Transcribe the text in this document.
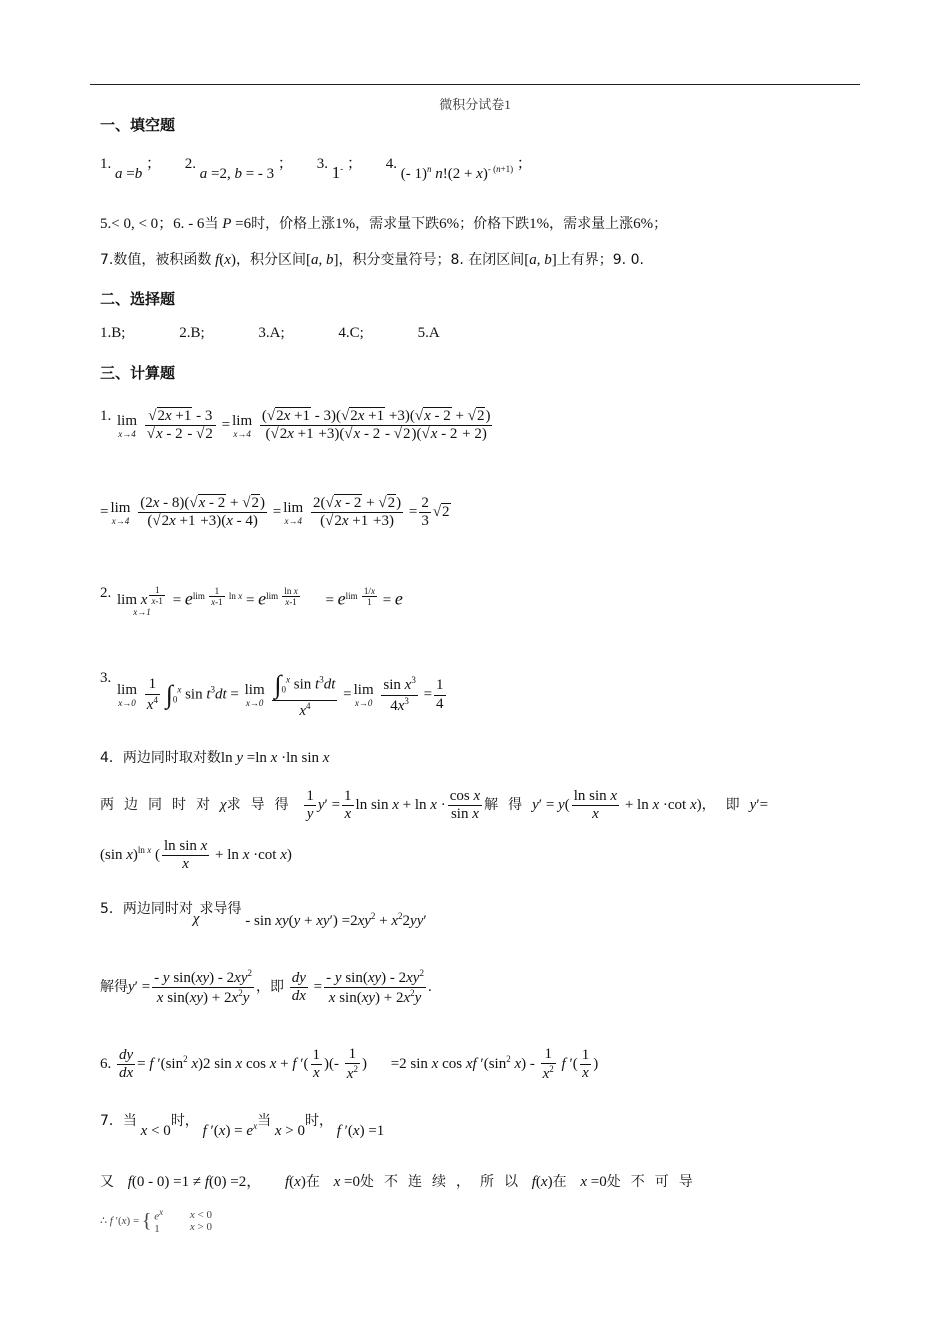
微积分试卷1
一、填空题
1. a =b ； 2. a =2, b = - 3 ； 3. 1- ； 4. (- 1)$^n$ $n!(2 + x)^{- (n+1)}$ ；
5.< 0, < 0；6. - 6当 P =6时，价格上涨1%，需求量下跌6%；价格下跌1%，需求量上涨6%；
7.数值，被积函数 f(x)，积分区间[a, b]，积分变量符号；8. 在闭区间[a, b]上有界；9. 0.
二、选择题
1.B;	2.B;	3.A;	4.C;	5.A
三、计算题
1. lim
x→4
$\frac{√2x +1 - 3}{√x - 2 - √2} = \lim$
x→4
$\frac{(√2x +1 - 3)(√2x +1 +3)(√x - 2 + √2)}{(√2x +1 +3)(√x - 2 - √2)(√x - 2 + 2)}$
= lim
x→4
$\frac{(2x - 8)(√x - 2 + √2)}{(√2x +1 +3)(x - 4)} = \lim$
x→4
$\frac{2(√x - 2 + √2)}{(√2x +1 +3)} = \frac{2}{3} √2$
2. lim x $^{\frac{1}{x-1}}$
x→1
= $e^{lim \frac{1}{x-1} ln x} = e^{lim \frac{\text{ln x}}{x-1}} = e^{lim \frac{1/x}{1}} = e$
3.
lim
x→0
$\frac{1}{x^4} \int_0^x$ $\sin t^3dt = \lim$
x→0
$\frac{\int_0^x \sin t^3dt}{x^4} = \lim$
x→0
$\frac{\sin x^3}{4x^3} = \frac{1}{4}$
4．两边同时取对数ln y =ln x ·ln sin x
两边同时对χ求导得 $\frac{1}{y} y' = \frac{1}{x}$ $\ln \sin x + \ln x \cdot \frac{\text{cos x}}{\text{sin x}}$ 解得$y' = y( \frac{\text{ln sin x}}{x} + \ln x \cdot\cot$ x)，即y′=
(sin x)$^{ln x}$ ( $\frac{\text{ln sin x}}{x} + \ln x \cdot\cot$ x)
5．两边同时对χ求导得 - $\sin xy(y + xy') =2xy^2 + x^22yy'$
解得$y' = \frac{- y \sin(xy) - 2xy^2}{x \sin(xy) + 2x^2y}$ ，即 $\frac{dy}{dx} = \frac{- y \sin(xy) - 2xy^2}{x \sin(xy) + 2x^2y}$ .
6. $\frac{dy}{dx} = f$ $'(\sin^2$ x)2 sin x cos x + f ′( $\frac{1}{x}$ )(- $\frac{1}{x^2}$ ) =2 sin x cos xf $'(\sin^2$ $x) - \frac{1}{x^2}$ f ′( $\frac{1}{x}$ )
7．当 x < 0时， f $'(x) = e^x$当 x > 0时， f ′(x) =1
又 f(0 - 0) =1 ≠ f(0) =2， f(x)在 x =0处不连续，所以 f(x)在 x =0处不可导
∴ f ′(x) = { $e^x$
1 x < 0
x > 0
